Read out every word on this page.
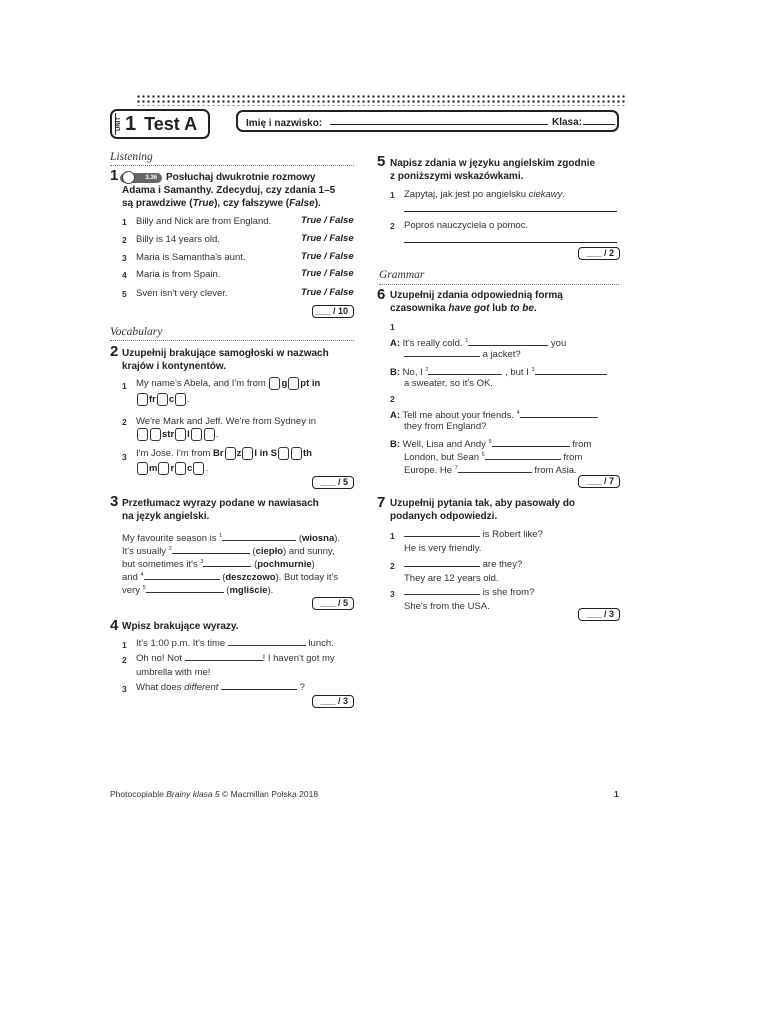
UNIT 1 Test A	Imię i nazwisko:	Klasa:
Listening
1	3.36 Posłuchaj dwukrotnie rozmowy
Adama i Samanthy. Zdecyduj, czy zdania 1–5
są prawdziwe (True), czy fałszywe (False).
1 Billy and Nick are from England.	True / False
2 Billy is 14 years old.	True / False
3 Maria is Samantha's aunt.	True / False
4 Maria is from Spain.	True / False
5 Sven isn't very clever.	True / False
___ / 10
Vocabulary
2 Uzupełnij brakujące samogłoski w nazwach
krajów i kontynentów.
1 My name's Abela, and I'm from g pt in
fr c .
2 We're Mark and Jeff. We're from Sydney in
str l	.
3 I'm Jose. I'm from Br z l in S	th
m r c .
___ / 5
3 Przetłumacz wyrazy podane w nawiasach
na język angielski.
My favourite season is $^1$	(wiosna).
It's usually $^2$	(ciepło) and sunny,
but sometimes it's $^3$	(pochmurnie)
and $^4$	(deszczowo). But today it's
very $^5$	(mgliście).
___ / 5
4 Wpisz brakujące wyrazy.
1 It's 1:00 p.m. It's time	lunch.
2 Oh no! Not	! I haven't got my
umbrella with me!
3 What does different	?
___ / 3
5 Napisz zdania w języku angielskim zgodnie
z poniższymi wskazówkami.
1 Zapytaj, jak jest po angielsku ciekawy.
2 Poproś nauczyciela o pomoc.
___ / 2
Grammar
6 Uzupełnij zdania odpowiednią formą
czasownika have got lub to be.
1
A: It's really cold. $^1$	you
a jacket?
B: No, I $^2$	, but I $^3$
a sweater, so it's OK.
2
A: Tell me about your friends. $^4$
they from England?
B: Well, Lisa and Andy $^5$	from
London, but Sean $^6$	from
Europe. He $^7$	from Asia.
___ / 7
7 Uzupełnij pytania tak, aby pasowały do
podanych odpowiedzi.
1	is Robert like?
He is very friendly.
2	are they?
They are 12 years old.
3	is she from?
She's from the USA.
___ / 3
Photocopiable Brainy klasa 5 © Macmillan Polska 2018	1
